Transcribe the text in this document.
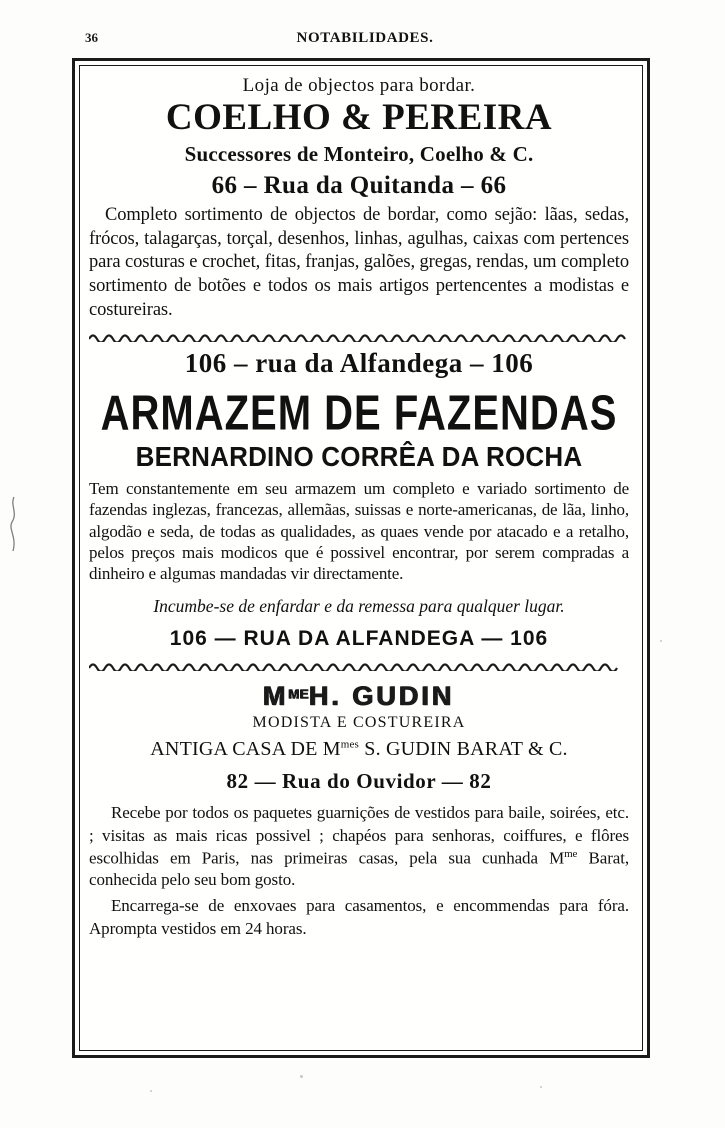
36	NOTABILIDADES.
Loja de objectos para bordar.
COELHO & PEREIRA
Successores de Monteiro, Coelho & C.
66 – Rua da Quitanda – 66
Completo sortimento de objectos de bordar, como sejão: lãas, sedas, frócos, talagarças, torçal, desenhos, linhas, agulhas, caixas com pertences para costuras e crochet, fitas, franjas, galões, gregas, rendas, um completo sortimento de botões e todos os mais artigos pertencentes a modistas e costureiras.
106 – rua da Alfandega – 106
ARMAZEM DE FAZENDAS
BERNARDINO CORRÊA DA ROCHA
Tem constantemente em seu armazem um completo e variado sortimento de fazendas inglezas, francezas, allemãas, suissas e norte-americanas, de lãa, linho, algodão e seda, de todas as qualidades, as quaes vende por atacado e a retalho, pelos preços mais modicos que é possivel encontrar, por serem compradas a dinheiro e algumas mandadas vir directamente.
Incumbe-se de enfardar e da remessa para qualquer lugar.
106 — RUA DA ALFANDEGA — 106
M$^{ME}$H. GUDIN
MODISTA E COSTUREIRA
ANTIGA CASA DE $M^{mes}$ S. GUDIN BARAT & C.
82 — Rua do Ouvidor — 82
Recebe por todos os paquetes guarnições de vestidos para baile, soirées, etc. ; visitas as mais ricas possivel ; chapéos para senhoras, coiffures, e flôres escolhidas em Paris, nas primeiras casas, pela sua cunhada $M^{me}$ Barat, conhecida pelo seu bom gosto.
Encarrega-se de enxovaes para casamentos, e encommendas para fóra. Aprompta vestidos em 24 horas.
